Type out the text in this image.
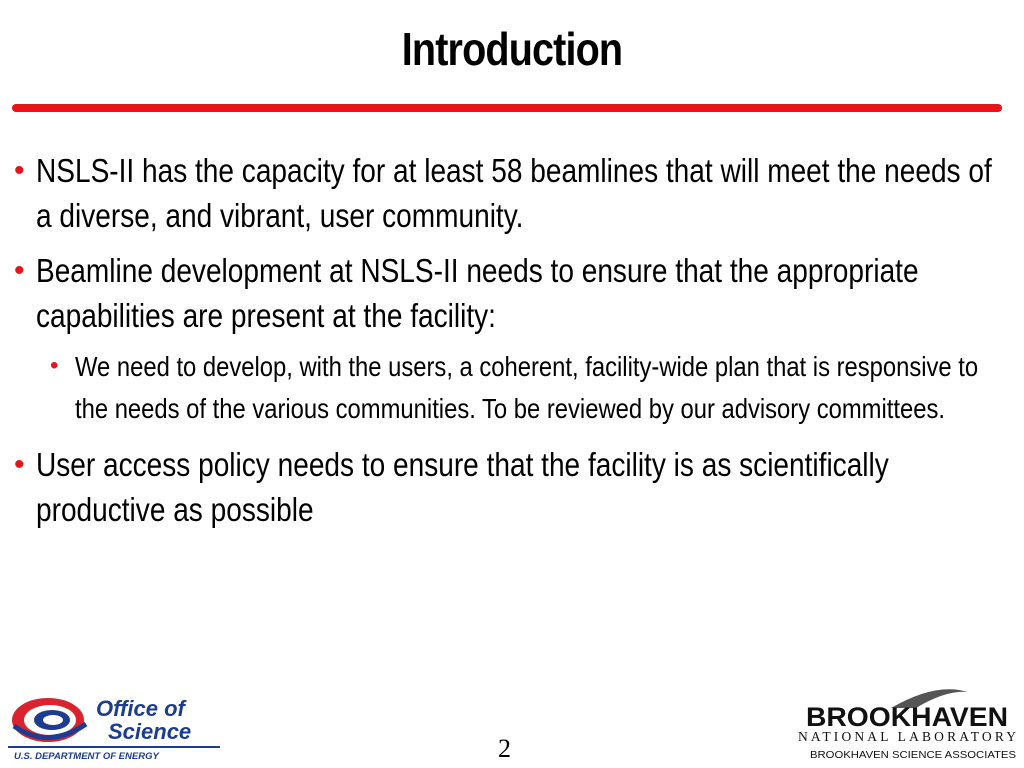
Introduction
• NSLS-II has the capacity for at least 58 beamlines that will meet the needs of a diverse, and vibrant, user community.
• Beamline development at NSLS-II needs to ensure that the appropriate capabilities are present at the facility:
• We need to develop, with the users, a coherent, facility-wide plan that is responsive to the needs of the various communities. To be reviewed by our advisory committees.
• User access policy needs to ensure that the facility is as scientifically productive as possible
Office of
Science
U.S. DEPARTMENT OF ENERGY	2
BROOKHAVEN
NATIONAL LABORATORY
BROOKHAVEN SCIENCE ASSOCIATES
